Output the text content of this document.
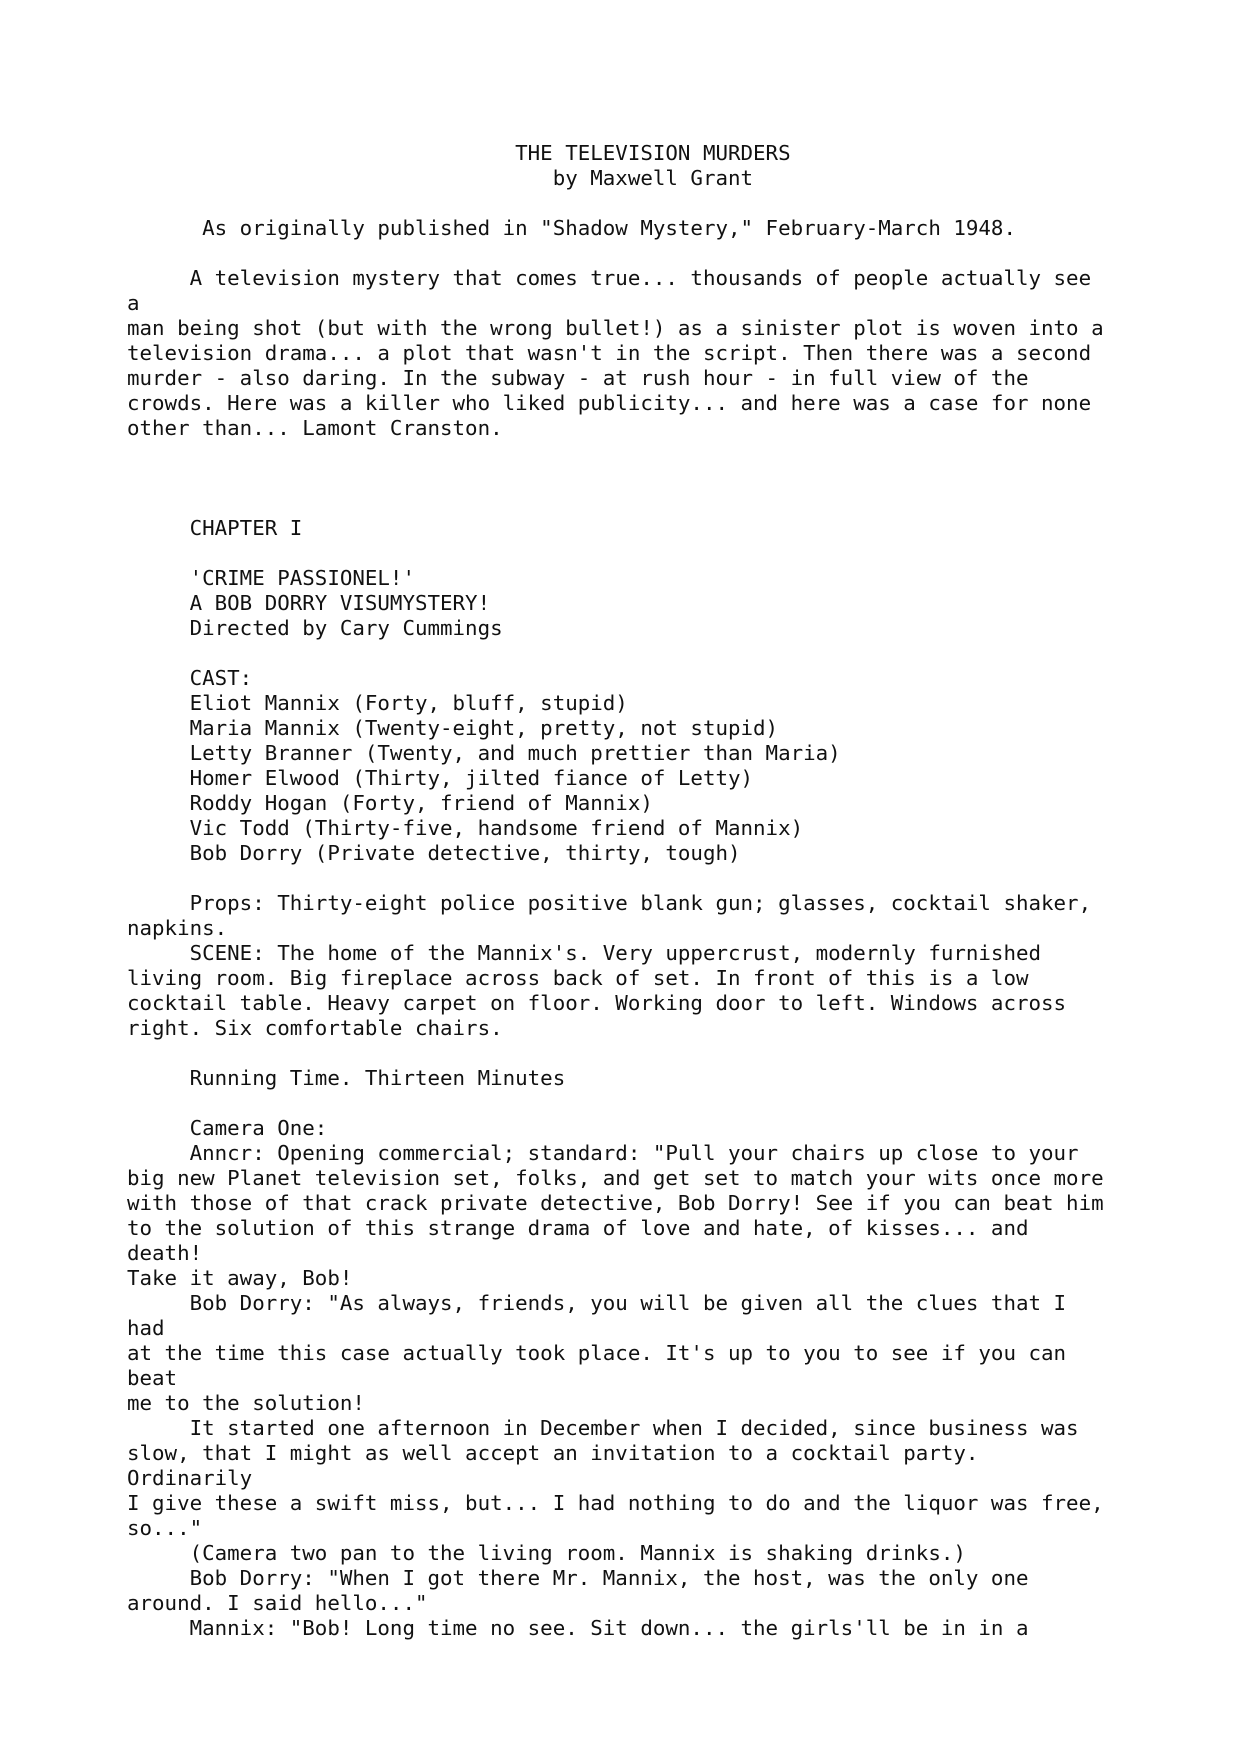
THE TELEVISION MURDERS
by Maxwell Grant
As originally published in "Shadow Mystery," February-March 1948.
A television mystery that comes true... thousands of people actually see
a
man being shot (but with the wrong bullet!) as a sinister plot is woven into a
television drama... a plot that wasn't in the script. Then there was a second
murder - also daring. In the subway - at rush hour - in full view of the
crowds. Here was a killer who liked publicity... and here was a case for none
other than... Lamont Cranston.
CHAPTER I
'CRIME PASSIONEL!'
A BOB DORRY VISUMYSTERY!
Directed by Cary Cummings
CAST:
Eliot Mannix (Forty, bluff, stupid)
Maria Mannix (Twenty-eight, pretty, not stupid)
Letty Branner (Twenty, and much prettier than Maria)
Homer Elwood (Thirty, jilted fiance of Letty)
Roddy Hogan (Forty, friend of Mannix)
Vic Todd (Thirty-five, handsome friend of Mannix)
Bob Dorry (Private detective, thirty, tough)
Props: Thirty-eight police positive blank gun; glasses, cocktail shaker,
napkins.
SCENE: The home of the Mannix's. Very uppercrust, modernly furnished
living room. Big fireplace across back of set. In front of this is a low
cocktail table. Heavy carpet on floor. Working door to left. Windows across
right. Six comfortable chairs.
Running Time. Thirteen Minutes
Camera One:
Anncr: Opening commercial; standard: "Pull your chairs up close to your
big new Planet television set, folks, and get set to match your wits once more
with those of that crack private detective, Bob Dorry! See if you can beat him
to the solution of this strange drama of love and hate, of kisses... and
death!
Take it away, Bob!
Bob Dorry: "As always, friends, you will be given all the clues that I
had
at the time this case actually took place. It's up to you to see if you can
beat
me to the solution!
It started one afternoon in December when I decided, since business was
slow, that I might as well accept an invitation to a cocktail party.
Ordinarily
I give these a swift miss, but... I had nothing to do and the liquor was free,
so..."
(Camera two pan to the living room. Mannix is shaking drinks.)
Bob Dorry: "When I got there Mr. Mannix, the host, was the only one
around. I said hello..."
Mannix: "Bob! Long time no see. Sit down... the girls'll be in in a
